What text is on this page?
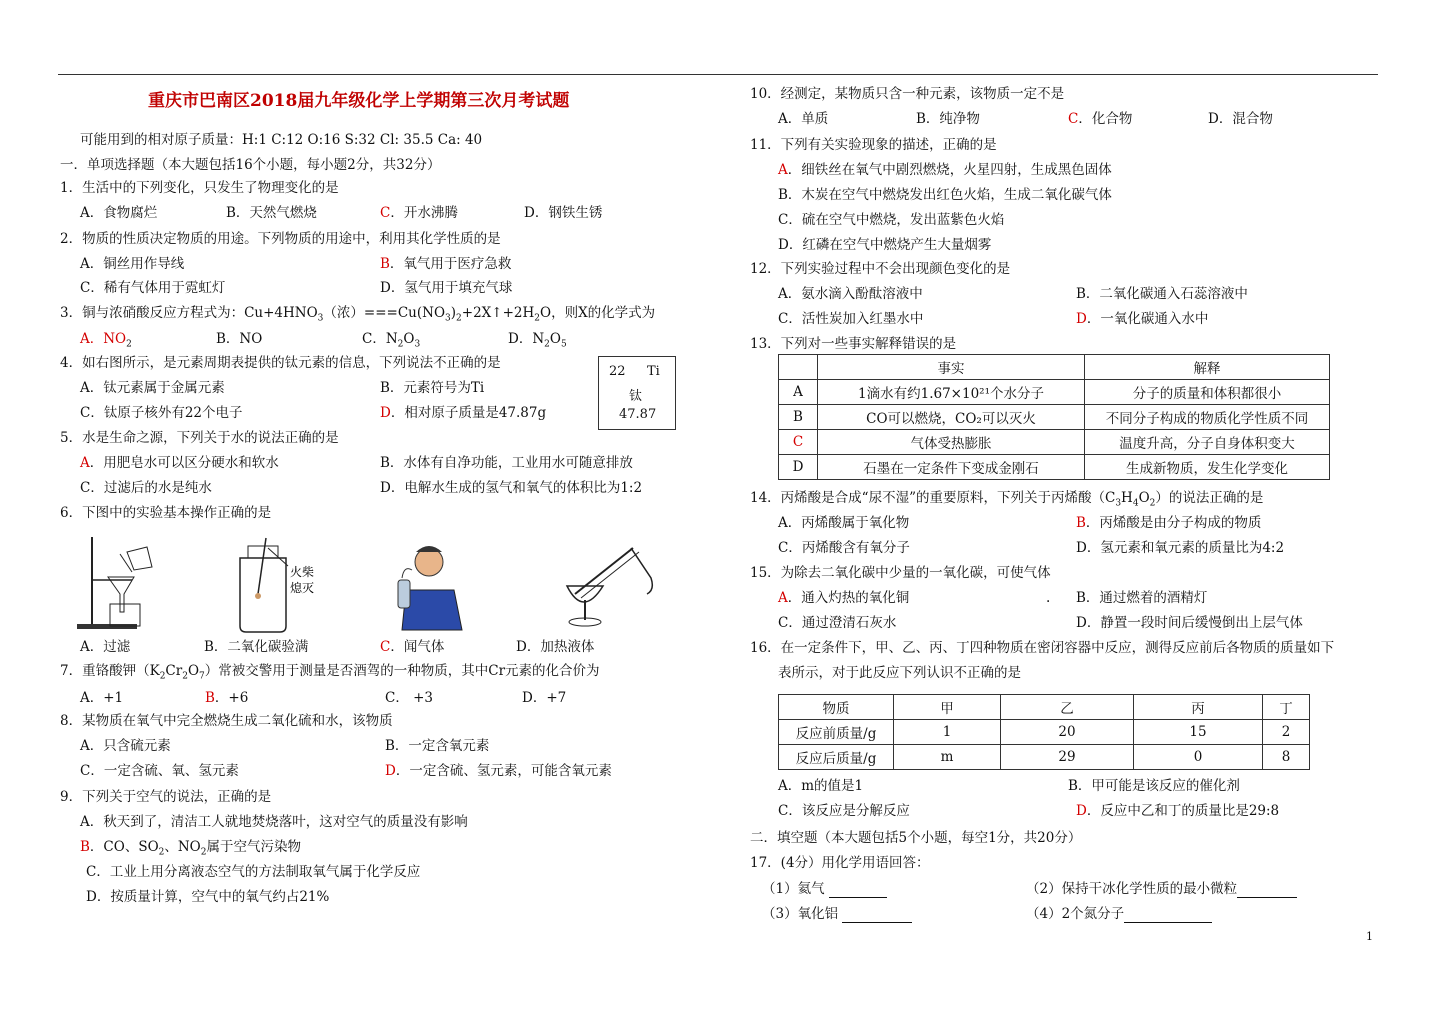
重庆市巴南区2018届九年级化学上学期第三次月考试题
可能用到的相对原子质量：H:1 C:12 O:16 S:32 Cl: 35.5 Ca: 40
一．单项选择题（本大题包括16个小题，每小题2分，共32分）
1．生活中的下列变化，只发生了物理变化的是
A．食物腐烂	B．天然气燃烧	C．开水沸腾	D．钢铁生锈
2．物质的性质决定物质的用途。下列物质的用途中，利用其化学性质的是
A．铜丝用作导线	B．氧气用于医疗急救
C．稀有气体用于霓虹灯	D．氢气用于填充气球
3．铜与浓硝酸反应方程式为：$Cu+4HNO_3$（浓）$===Cu(NO_3)_2+2X↑+2H_2O$，则X的化学式为
A．$NO_2$	B．NO	C．$N_2O_3$	D．$N_2O_5$
4．如右图所示，是元素周期表提供的钛元素的信息，下列说法不正确的是
A．钛元素属于金属元素	B．元素符号为Ti
C．钛原子核外有22个电子	D．相对原子质量是47.87g
22 Ti
钛
47.87
5．水是生命之源，下列关于水的说法正确的是
A．用肥皂水可以区分硬水和软水	B．水体有自净功能，工业用水可随意排放
C．过滤后的水是纯水	D．电解水生成的氢气和氧气的体积比为1:2
6．下图中的实验基本操作正确的是
火柴
熄灭
A．过滤	B．二氧化碳验满	C．闻气体	D．加热液体
7．重铬酸钾$(K_2Cr_2O_7)$常被交警用于测量是否酒驾的一种物质，其中Cr元素的化合价为
A．+1	B．+6	C． +3	D．+7
8．某物质在氧气中完全燃烧生成二氧化硫和水，该物质
A．只含硫元素	B．一定含氧元素
C．一定含硫、氧、氢元素	D．一定含硫、氢元素，可能含氧元素
9．下列关于空气的说法，正确的是
A．秋天到了，清洁工人就地焚烧落叶，这对空气的质量没有影响
B．CO、$SO_2$、$NO_2$属于空气污染物
C．工业上用分离液态空气的方法制取氧气属于化学反应
D．按质量计算，空气中的氧气约占21%
10．经测定，某物质只含一种元素，该物质一定不是
A．单质	B．纯净物	C．化合物	D．混合物
11．下列有关实验现象的描述，正确的是
A．细铁丝在氧气中剧烈燃烧，火星四射，生成黑色固体
B．木炭在空气中燃烧发出红色火焰，生成二氧化碳气体
C．硫在空气中燃烧，发出蓝紫色火焰
D．红磷在空气中燃烧产生大量烟雾
12．下列实验过程中不会出现颜色变化的是
A．氨水滴入酚酞溶液中	B．二氧化碳通入石蕊溶液中
C．活性炭加入红墨水中	D．一氧化碳通入水中
13．下列对一些事实解释错误的是
	事实	解释
A	1滴水有约1.67×10²¹个水分子	分子的质量和体积都很小
B	CO可以燃烧，CO₂可以灭火	不同分子构成的物质化学性质不同
C	气体受热膨胀	温度升高，分子自身体积变大
D	石墨在一定条件下变成金刚石	生成新物质，发生化学变化
14．丙烯酸是合成“尿不湿”的重要原料，下列关于丙烯酸$(C_3H_4O_2)$的说法正确的是
A．丙烯酸属于氧化物	B．丙烯酸是由分子构成的物质
C．丙烯酸含有氧分子	D．氢元素和氧元素的质量比为4:2
15．为除去二氧化碳中少量的一氧化碳，可使气体
A．通入灼热的氧化铜	. B．通过燃着的酒精灯
C．通过澄清石灰水	D．静置一段时间后缓慢倒出上层气体
16．在一定条件下，甲、乙、丙、丁四种物质在密闭容器中反应，测得反应前后各物质的质量如下
表所示，对于此反应下列认识不正确的是
物质	甲	乙	丙	丁
反应前质量/g	1	20	15	2
反应后质量/g	m	29	0	8
A．m的值是1	B．甲可能是该反应的催化剂
C．该反应是分解反应	D．反应中乙和丁的质量比是29:8
二．填空题（本大题包括5个小题，每空1分，共20分）
17．(4分）用化学用语回答：
（1）氦气	（2）保持干冰化学性质的最小微粒
（3）氧化铝	（4）2个氮分子
1
